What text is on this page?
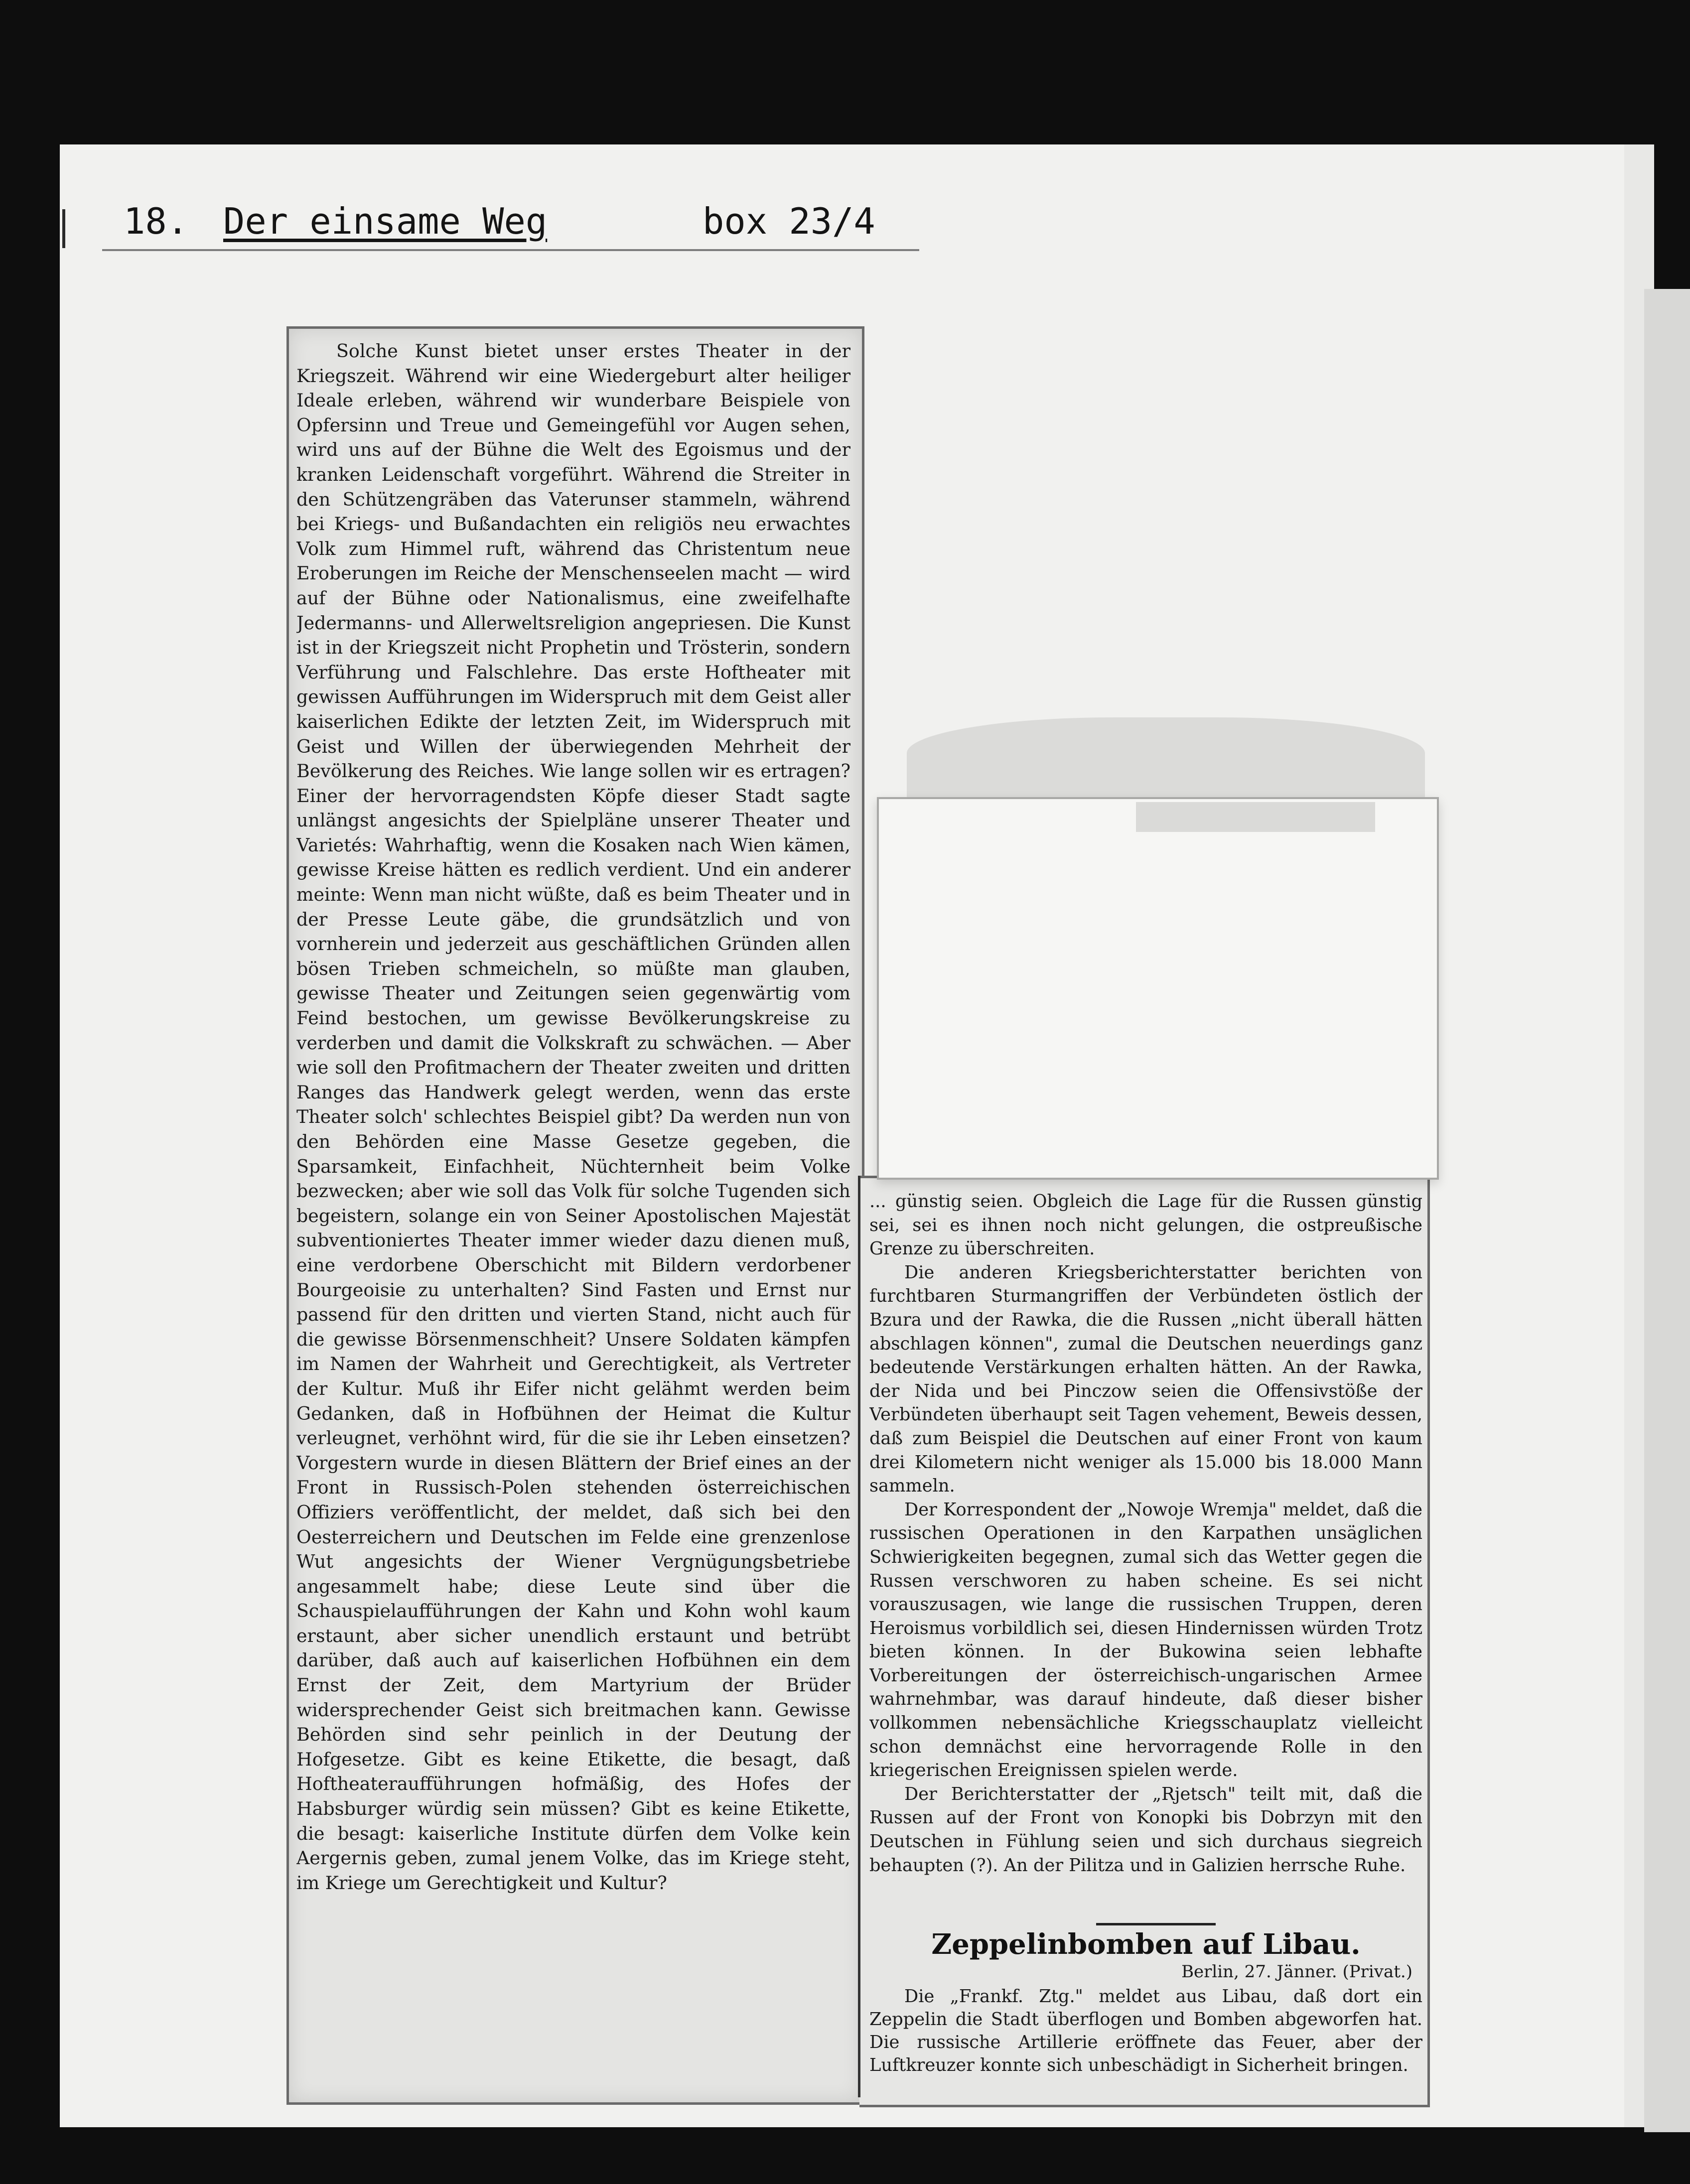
18. Der einsame Weg	box 23/4
Solche Kunst bietet unser erstes Theater in der Kriegszeit. Während wir eine Wiedergeburt alter heiliger Ideale erleben, während wir wunderbare Beispiele von Opfersinn und Treue und Gemeingefühl vor Augen sehen, wird uns auf der Bühne die Welt des Egoismus und der kranken Leidenschaft vorgeführt. Während die Streiter in den Schützengräben das Vaterunser stammeln, während bei Kriegs- und Bußandachten ein religiös neu erwachtes Volk zum Himmel ruft, während das Christentum neue Eroberungen im Reiche der Menschenseelen macht — wird auf der Bühne oder Nationalismus, eine zweifelhafte Jedermanns- und Allerweltsreligion angepriesen. Die Kunst ist in der Kriegszeit nicht Prophetin und Trösterin, sondern Verführung und Falschlehre. Das erste Hoftheater mit gewissen Aufführungen im Widerspruch mit dem Geist aller kaiserlichen Edikte der letzten Zeit, im Widerspruch mit Geist und Willen der überwiegenden Mehrheit der Bevölkerung des Reiches. Wie lange sollen wir es ertragen? Einer der hervorragendsten Köpfe dieser Stadt sagte unlängst angesichts der Spielpläne unserer Theater und Varietés: Wahrhaftig, wenn die Kosaken nach Wien kämen, gewisse Kreise hätten es redlich verdient. Und ein anderer meinte: Wenn man nicht wüßte, daß es beim Theater und in der Presse Leute gäbe, die grundsätzlich und von vornherein und jederzeit aus geschäftlichen Gründen allen bösen Trieben schmeicheln, so müßte man glauben, gewisse Theater und Zeitungen seien gegenwärtig vom Feind bestochen, um gewisse Bevölkerungskreise zu verderben und damit die Volkskraft zu schwächen. — Aber wie soll den Profitmachern der Theater zweiten und dritten Ranges das Handwerk gelegt werden, wenn das erste Theater solch' schlechtes Beispiel gibt? Da werden nun von den Behörden eine Masse Gesetze gegeben, die Sparsamkeit, Einfachheit, Nüchternheit beim Volke bezwecken; aber wie soll das Volk für solche Tugenden sich begeistern, solange ein von Seiner Apostolischen Majestät subventioniertes Theater immer wieder dazu dienen muß, eine verdorbene Oberschicht mit Bildern verdorbener Bourgeoisie zu unterhalten? Sind Fasten und Ernst nur passend für den dritten und vierten Stand, nicht auch für die gewisse Börsenmenschheit? Unsere Soldaten kämpfen im Namen der Wahrheit und Gerechtigkeit, als Vertreter der Kultur. Muß ihr Eifer nicht gelähmt werden beim Gedanken, daß in Hofbühnen der Heimat die Kultur verleugnet, verhöhnt wird, für die sie ihr Leben einsetzen? Vorgestern wurde in diesen Blättern der Brief eines an der Front in Russisch-Polen stehenden österreichischen Offiziers veröffentlicht, der meldet, daß sich bei den Oesterreichern und Deutschen im Felde eine grenzenlose Wut angesichts der Wiener Vergnügungsbetriebe angesammelt habe; diese Leute sind über die Schauspielaufführungen der Kahn und Kohn wohl kaum erstaunt, aber sicher unendlich erstaunt und betrübt darüber, daß auch auf kaiserlichen Hofbühnen ein dem Ernst der Zeit, dem Martyrium der Brüder widersprechender Geist sich breitmachen kann. Gewisse Behörden sind sehr peinlich in der Deutung der Hofgesetze. Gibt es keine Etikette, die besagt, daß Hoftheateraufführungen hofmäßig, des Hofes der Habsburger würdig sein müssen? Gibt es keine Etikette, die besagt: kaiserliche Institute dürfen dem Volke kein Aergernis geben, zumal jenem Volke, das im Kriege steht, im Kriege um Gerechtigkeit und Kultur?

... günstig seien. Obgleich die Lage für die Russen günstig sei, sei es ihnen noch nicht gelungen, die ostpreußische Grenze zu überschreiten.

Die anderen Kriegsberichterstatter berichten von furchtbaren Sturmangriffen der Verbündeten östlich der Bzura und der Rawka, die die Russen „nicht überall hätten abschlagen können", zumal die Deutschen neuerdings ganz bedeutende Verstärkungen erhalten hätten. An der Rawka, der Nida und bei Pinczow seien die Offensivstöße der Verbündeten überhaupt seit Tagen vehement, Beweis dessen, daß zum Beispiel die Deutschen auf einer Front von kaum drei Kilometern nicht weniger als 15.000 bis 18.000 Mann sammeln.

Der Korrespondent der „Nowoje Wremja" meldet, daß die russischen Operationen in den Karpathen unsäglichen Schwierigkeiten begegnen, zumal sich das Wetter gegen die Russen verschworen zu haben scheine. Es sei nicht vorauszusagen, wie lange die russischen Truppen, deren Heroismus vorbildlich sei, diesen Hindernissen würden Trotz bieten können. In der Bukowina seien lebhafte Vorbereitungen der österreichisch-ungarischen Armee wahrnehmbar, was darauf hindeute, daß dieser bisher vollkommen nebensächliche Kriegsschauplatz vielleicht schon demnächst eine hervorragende Rolle in den kriegerischen Ereignissen spielen werde.

Der Berichterstatter der „Rjetsch" teilt mit, daß die Russen auf der Front von Konopki bis Dobrzyn mit den Deutschen in Fühlung seien und sich durchaus siegreich behaupten (?). An der Pilitza und in Galizien herrsche Ruhe.

Zeppelinbomben auf Libau.
Berlin, 27. Jänner. (Privat.)
Die „Frankf. Ztg." meldet aus Libau, daß dort ein Zeppelin die Stadt überflogen und Bomben abgeworfen hat. Die russische Artillerie eröffnete das Feuer, aber der Luftkreuzer konnte sich unbeschädigt in Sicherheit bringen.
